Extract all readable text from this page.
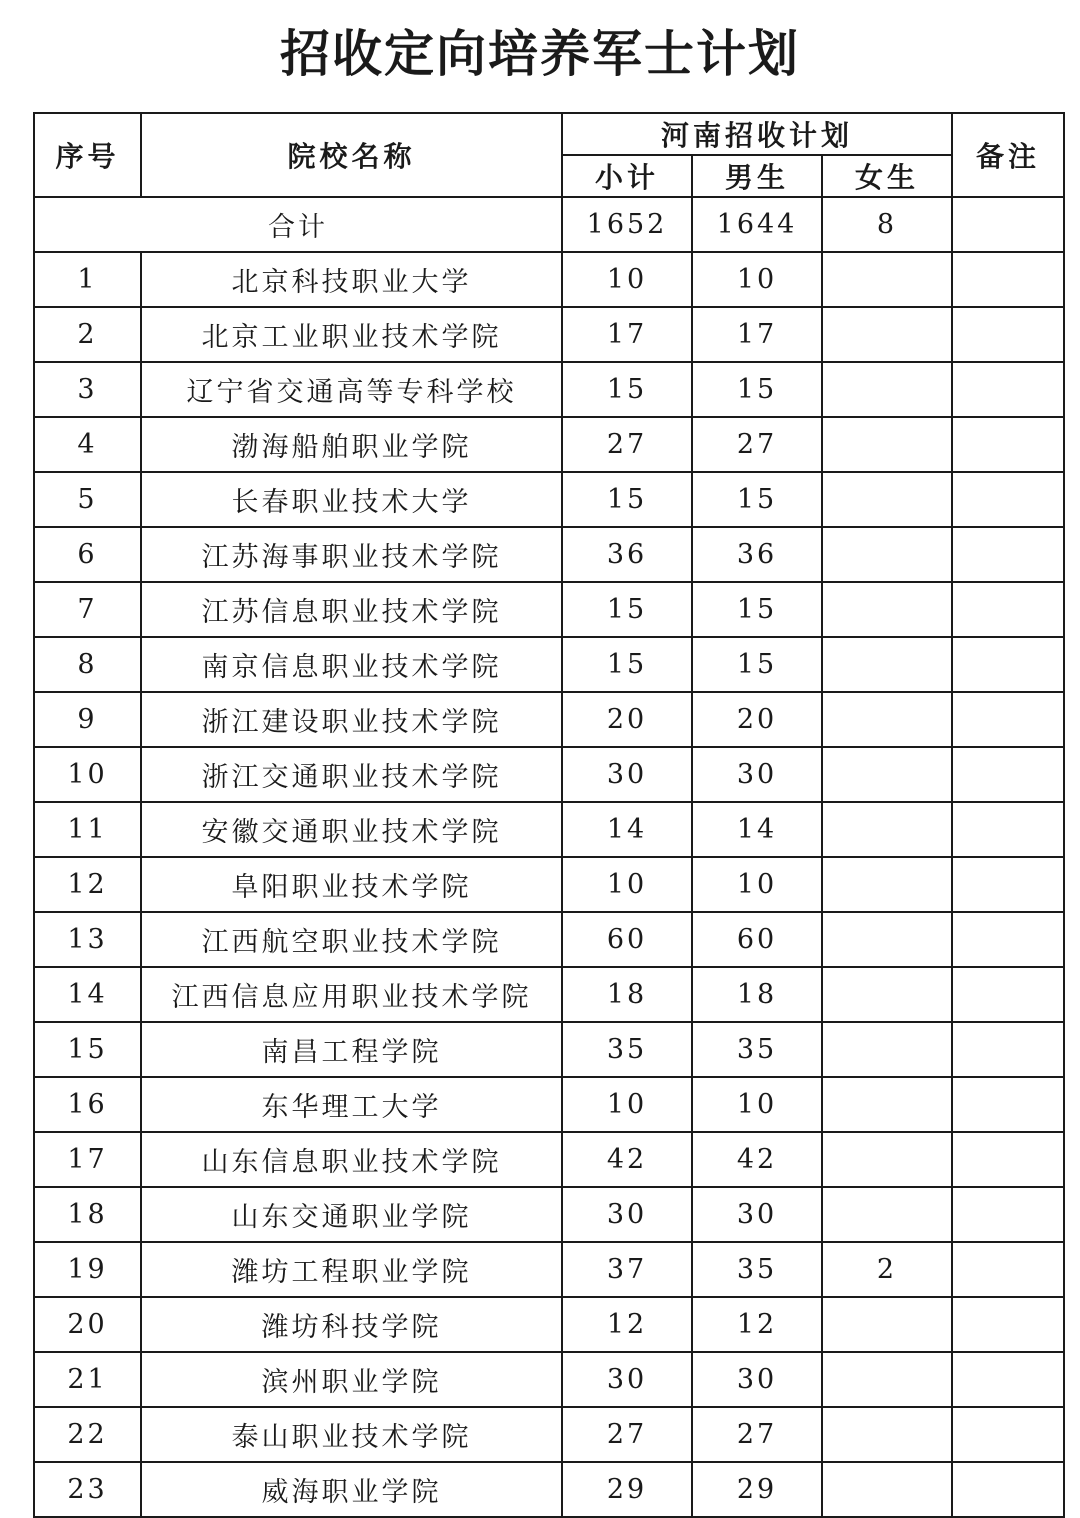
招收定向培养军士计划
序号	院校名称	河南招收计划			备注
		小计	男生	女生	
合计		1652	1644	8	
1	北京科技职业大学	10	10		
2	北京工业职业技术学院	17	17		
3	辽宁省交通高等专科学校	15	15		
4	渤海船舶职业学院	27	27		
5	长春职业技术大学	15	15		
6	江苏海事职业技术学院	36	36		
7	江苏信息职业技术学院	15	15		
8	南京信息职业技术学院	15	15		
9	浙江建设职业技术学院	20	20		
10	浙江交通职业技术学院	30	30		
11	安徽交通职业技术学院	14	14		
12	阜阳职业技术学院	10	10		
13	江西航空职业技术学院	60	60		
14	江西信息应用职业技术学院	18	18		
15	南昌工程学院	35	35		
16	东华理工大学	10	10		
17	山东信息职业技术学院	42	42		
18	山东交通职业学院	30	30		
19	潍坊工程职业学院	37	35	2	
20	潍坊科技学院	12	12		
21	滨州职业学院	30	30		
22	泰山职业技术学院	27	27		
23	威海职业学院	29	29		
